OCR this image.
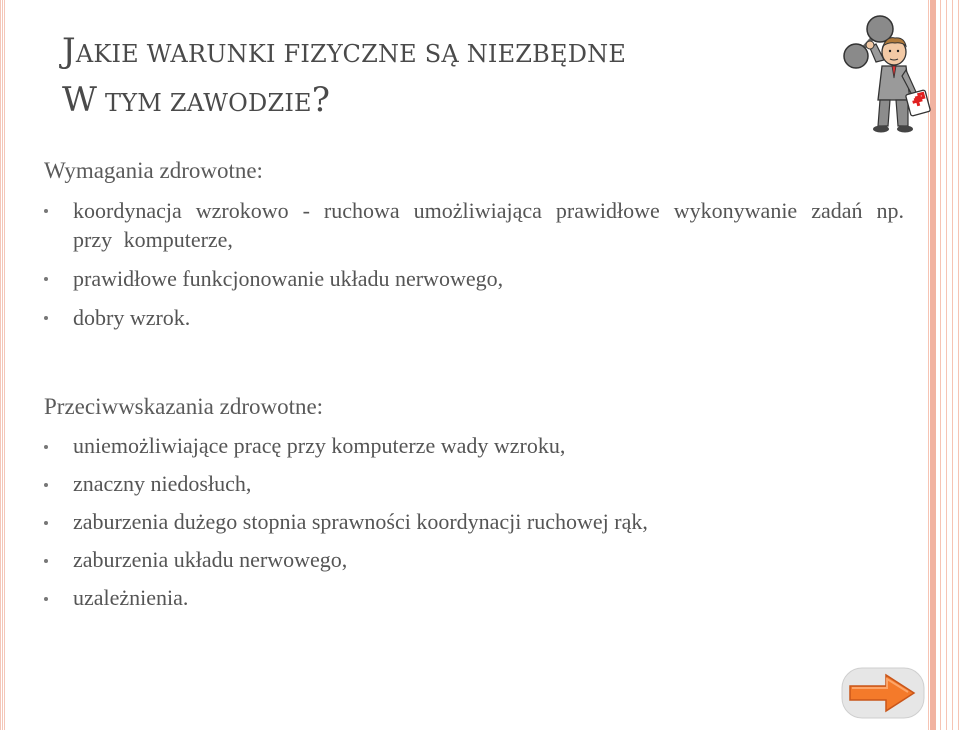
JAKIE WARUNKI FIZYCZNE SĄ NIEZBĘDNE
W TYM ZAWODZIE?
Wymagania zdrowotne:
koordynacja wzrokowo - ruchowa umożliwiająca prawidłowe wykonywanie zadań np. przy komputerze,
prawidłowe funkcjonowanie układu nerwowego,
dobry wzrok.
Przeciwwskazania zdrowotne:
uniemożliwiające pracę przy komputerze wady wzroku,
znaczny niedosłuch,
zaburzenia dużego stopnia sprawności koordynacji ruchowej rąk,
zaburzenia układu nerwowego,
uzależnienia.
